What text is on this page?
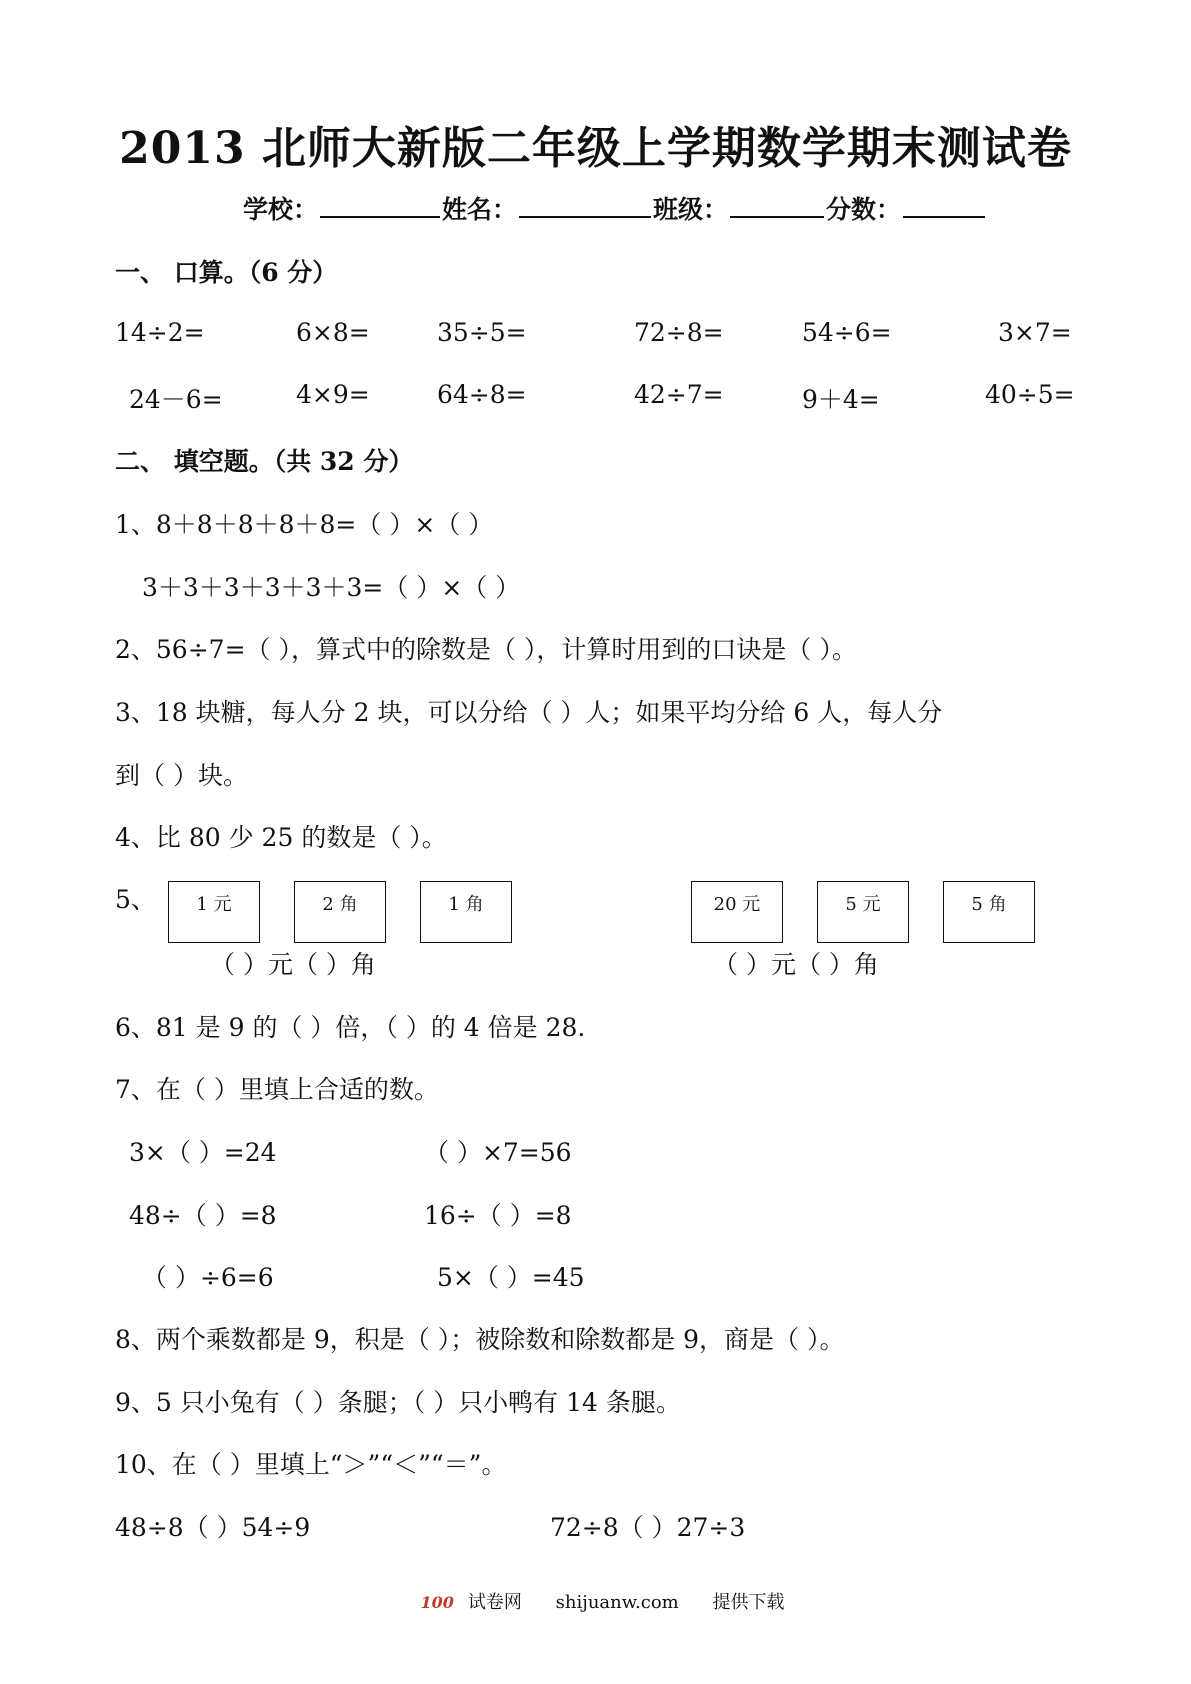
2013 北师大新版二年级上学期数学期末测试卷
学校：	姓名：	班级：	分数：
一、 口算。（6 分）
14÷2=	6×8=	35÷5=	72÷8=	54÷6=	3×7=
24－6=	4×9=	64÷8=	42÷7=	9＋4=	40÷5=
二、 填空题。（共 32 分）
1、8＋8＋8＋8＋8=（ ）×（ ）
3＋3＋3＋3＋3＋3=（ ）×（ ）
2、56÷7=（ ），算式中的除数是（ ），计算时用到的口诀是（ ）。
3、18 块糖，每人分 2 块，可以分给（ ）人；如果平均分给 6 人，每人分
到（ ）块。
4、比 80 少 25 的数是（ ）。
5、	1 元	2 角	1 角	20 元	5 元	5 角
（ ）元（ ）角	（ ）元（ ）角
6、81 是 9 的（ ）倍，（ ）的 4 倍是 28.
7、在（ ）里填上合适的数。
3×（ ）=24	（ ）×7=56
48÷（ ）=8	16÷（ ）=8
（ ）÷6=6	5×（ ）=45
8、两个乘数都是 9，积是（ ）；被除数和除数都是 9，商是（ ）。
9、5 只小兔有（ ）条腿；（ ）只小鸭有 14 条腿。
10、在（ ）里填上“＞”“＜”“＝”。
48÷8（ ）54÷9	72÷8（ ）27÷3
100 试卷网 shijuanw.com 提供下载
